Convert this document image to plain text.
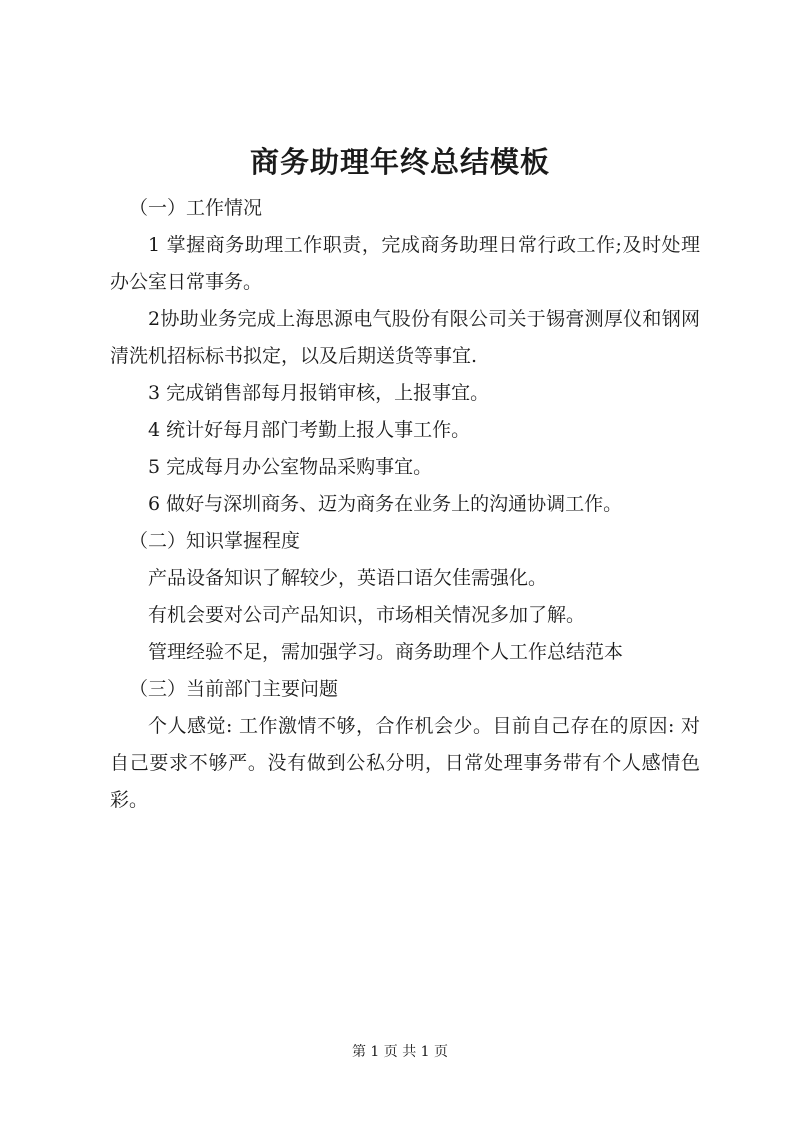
商务助理年终总结模板

（一）工作情况

1 掌握商务助理工作职责，完成商务助理日常行政工作;及时处理办公室日常事务。

2协助业务完成上海思源电气股份有限公司关于锡膏测厚仪和钢网清洗机招标标书拟定，以及后期送货等事宜.

3 完成销售部每月报销审核，上报事宜。

4 统计好每月部门考勤上报人事工作。

5 完成每月办公室物品采购事宜。

6 做好与深圳商务、迈为商务在业务上的沟通协调工作。

（二）知识掌握程度

产品设备知识了解较少，英语口语欠佳需强化。

有机会要对公司产品知识，市场相关情况多加了解。

管理经验不足，需加强学习。商务助理个人工作总结范本

（三）当前部门主要问题

个人感觉: 工作激情不够，合作机会少。目前自己存在的原因: 对自己要求不够严。没有做到公私分明，日常处理事务带有个人感情色彩。

第 1 页 共 1 页
